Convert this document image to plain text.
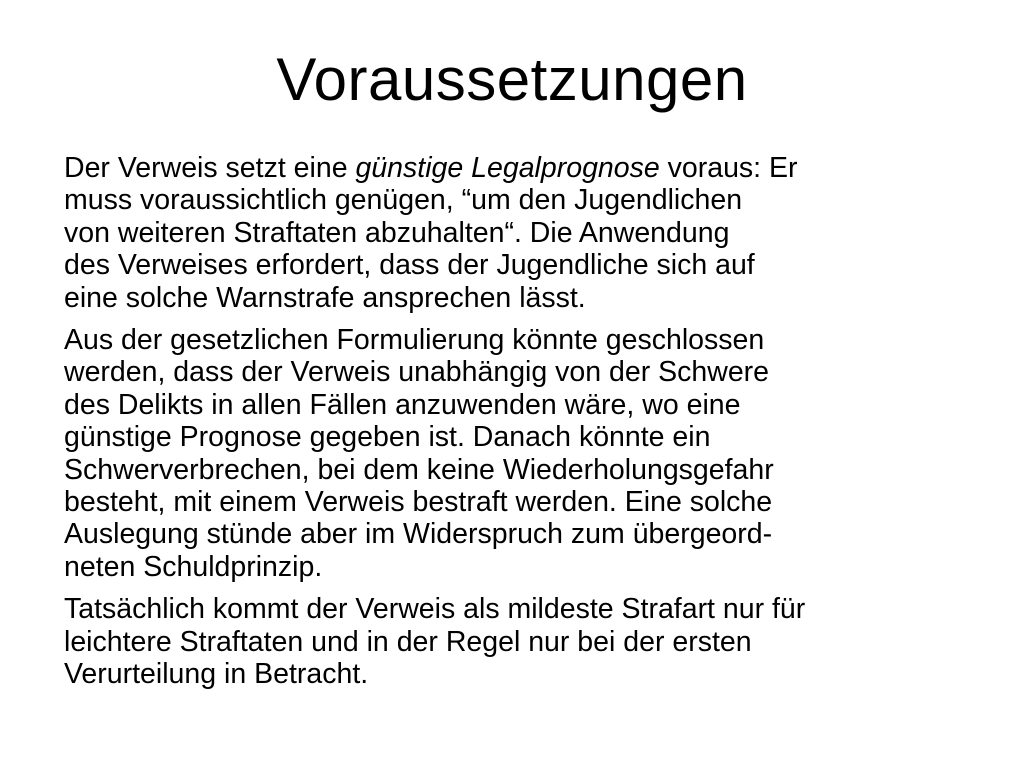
Voraussetzungen

Der Verweis setzt eine günstige Legalprognose voraus: Er
muss voraussichtlich genügen, “um den Jugendlichen
von weiteren Straftaten abzuhalten“. Die Anwendung
des Verweises erfordert, dass der Jugendliche sich auf
eine solche Warnstrafe ansprechen lässt.

Aus der gesetzlichen Formulierung könnte geschlossen
werden, dass der Verweis unabhängig von der Schwere
des Delikts in allen Fällen anzuwenden wäre, wo eine
günstige Prognose gegeben ist. Danach könnte ein
Schwerverbrechen, bei dem keine Wiederholungsgefahr
besteht, mit einem Verweis bestraft werden. Eine solche
Auslegung stünde aber im Widerspruch zum übergeord-
neten Schuldprinzip.

Tatsächlich kommt der Verweis als mildeste Strafart nur für
leichtere Straftaten und in der Regel nur bei der ersten
Verurteilung in Betracht.
